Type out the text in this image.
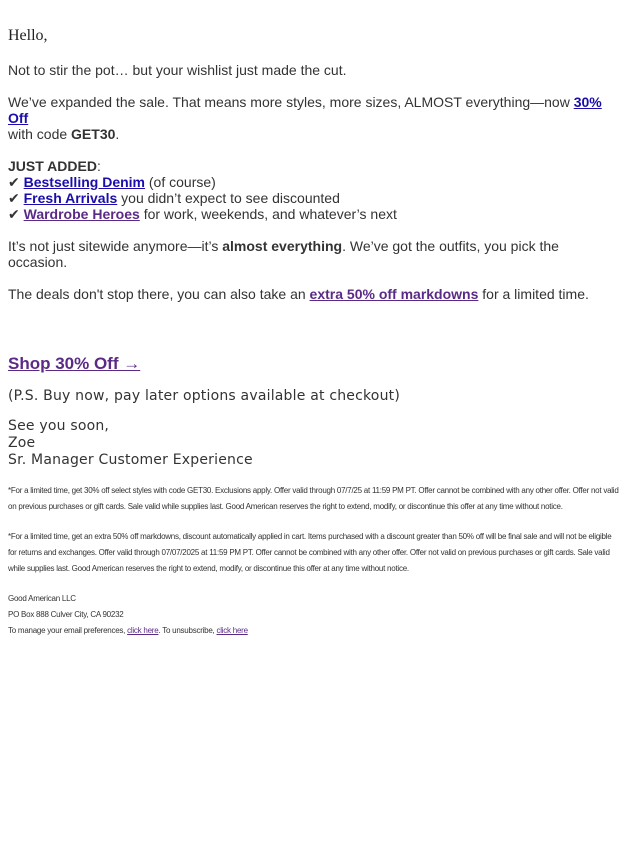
Hello,

Not to stir the pot… but your wishlist just made the cut.

We’ve expanded the sale. That means more styles, more sizes, ALMOST everything—now 30% Off
with code GET30.

JUST ADDED:

✔ Bestselling Denim (of course)
✔ Fresh Arrivals you didn’t expect to see discounted
✔ Wardrobe Heroes for work, weekends, and whatever’s next

It’s not just sitewide anymore—it’s almost everything. We’ve got the outfits, you pick the occasion.

The deals don't stop there, you can also take an extra 50% off markdowns for a limited time.

Shop 30% Off →

(P.S. Buy now, pay later options available at checkout)

See you soon,
Zoe
Sr. Manager Customer Experience

*For a limited time, get 30% off select styles with code GET30. Exclusions apply. Offer valid through 07/7/25 at 11:59 PM PT. Offer cannot be combined with any other offer. Offer not valid on previous purchases or gift cards. Sale valid while supplies last. Good American reserves the right to extend, modify, or discontinue this offer at any time without notice.

*For a limited time, get an extra 50% off markdowns, discount automatically applied in cart. Items purchased with a discount greater than 50% off will be final sale and will not be eligible for returns and exchanges. Offer valid through 07/07/2025 at 11:59 PM PT. Offer cannot be combined with any other offer. Offer not valid on previous purchases or gift cards. Sale valid while supplies last. Good American reserves the right to extend, modify, or discontinue this offer at any time without notice.

Good American LLC
PO Box 888 Culver City, CA 90232
To manage your email preferences, click here. To unsubscribe, click here
